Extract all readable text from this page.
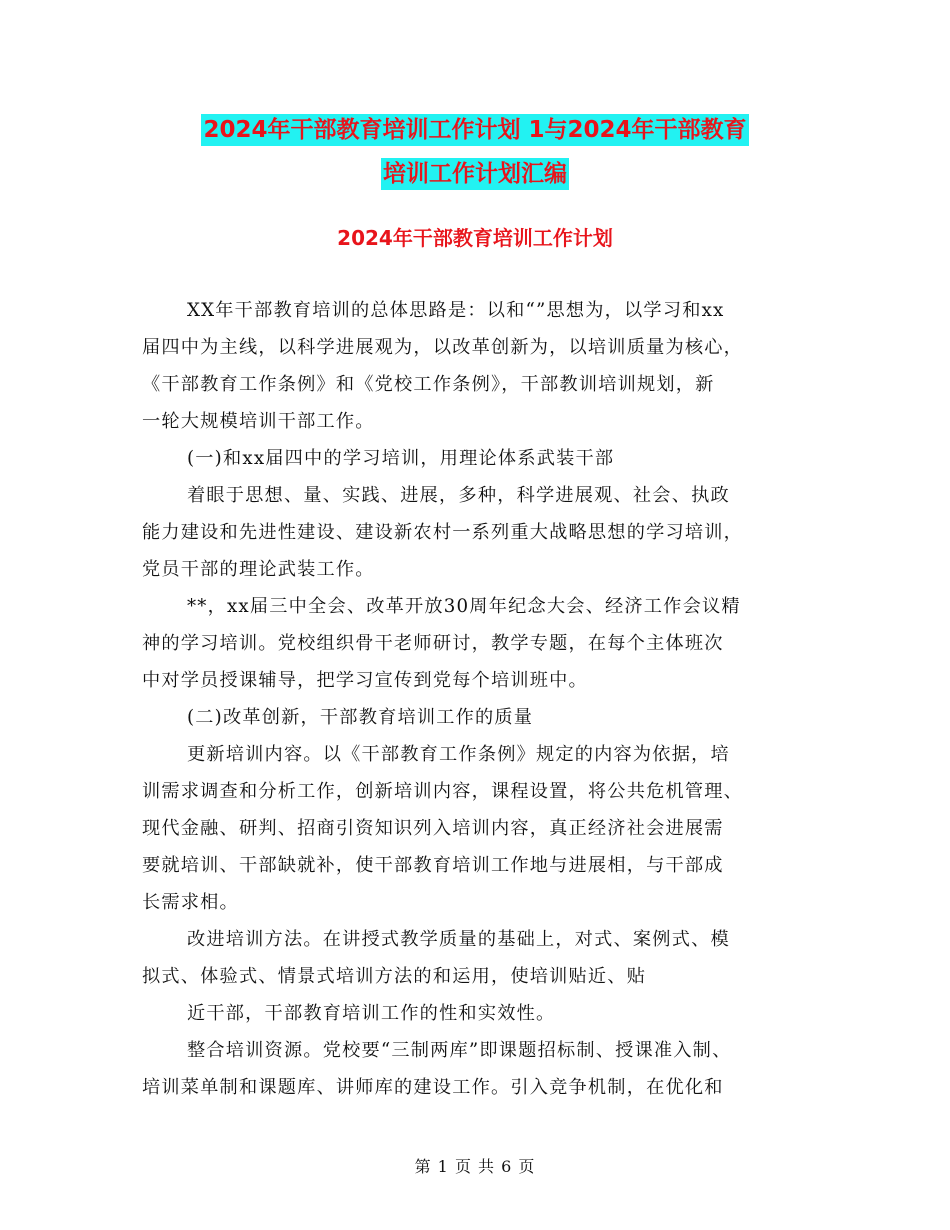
2024年干部教育培训工作计划 1与2024年干部教育
培训工作计划汇编
2024年干部教育培训工作计划
XX年干部教育培训的总体思路是：以和“”思想为，以学习和xx
届四中为主线，以科学进展观为，以改革创新为，以培训质量为核心，
《干部教育工作条例》和《党校工作条例》，干部教训培训规划，新
一轮大规模培训干部工作。
(一)和xx届四中的学习培训，用理论体系武装干部
着眼于思想、量、实践、进展，多种，科学进展观、社会、执政
能力建设和先进性建设、建设新农村一系列重大战略思想的学习培训，
党员干部的理论武装工作。
**，xx届三中全会、改革开放30周年纪念大会、经济工作会议精
神的学习培训。党校组织骨干老师研讨，教学专题，在每个主体班次
中对学员授课辅导，把学习宣传到党每个培训班中。
(二)改革创新，干部教育培训工作的质量
更新培训内容。以《干部教育工作条例》规定的内容为依据，培
训需求调查和分析工作，创新培训内容，课程设置，将公共危机管理、
现代金融、研判、招商引资知识列入培训内容，真正经济社会进展需
要就培训、干部缺就补，使干部教育培训工作地与进展相，与干部成
长需求相。
改进培训方法。在讲授式教学质量的基础上，对式、案例式、模
拟式、体验式、情景式培训方法的和运用，使培训贴近、贴
近干部，干部教育培训工作的性和实效性。
整合培训资源。党校要“三制两库”即课题招标制、授课准入制、
培训菜单制和课题库、讲师库的建设工作。引入竞争机制，在优化和
第 1 页 共 6 页
